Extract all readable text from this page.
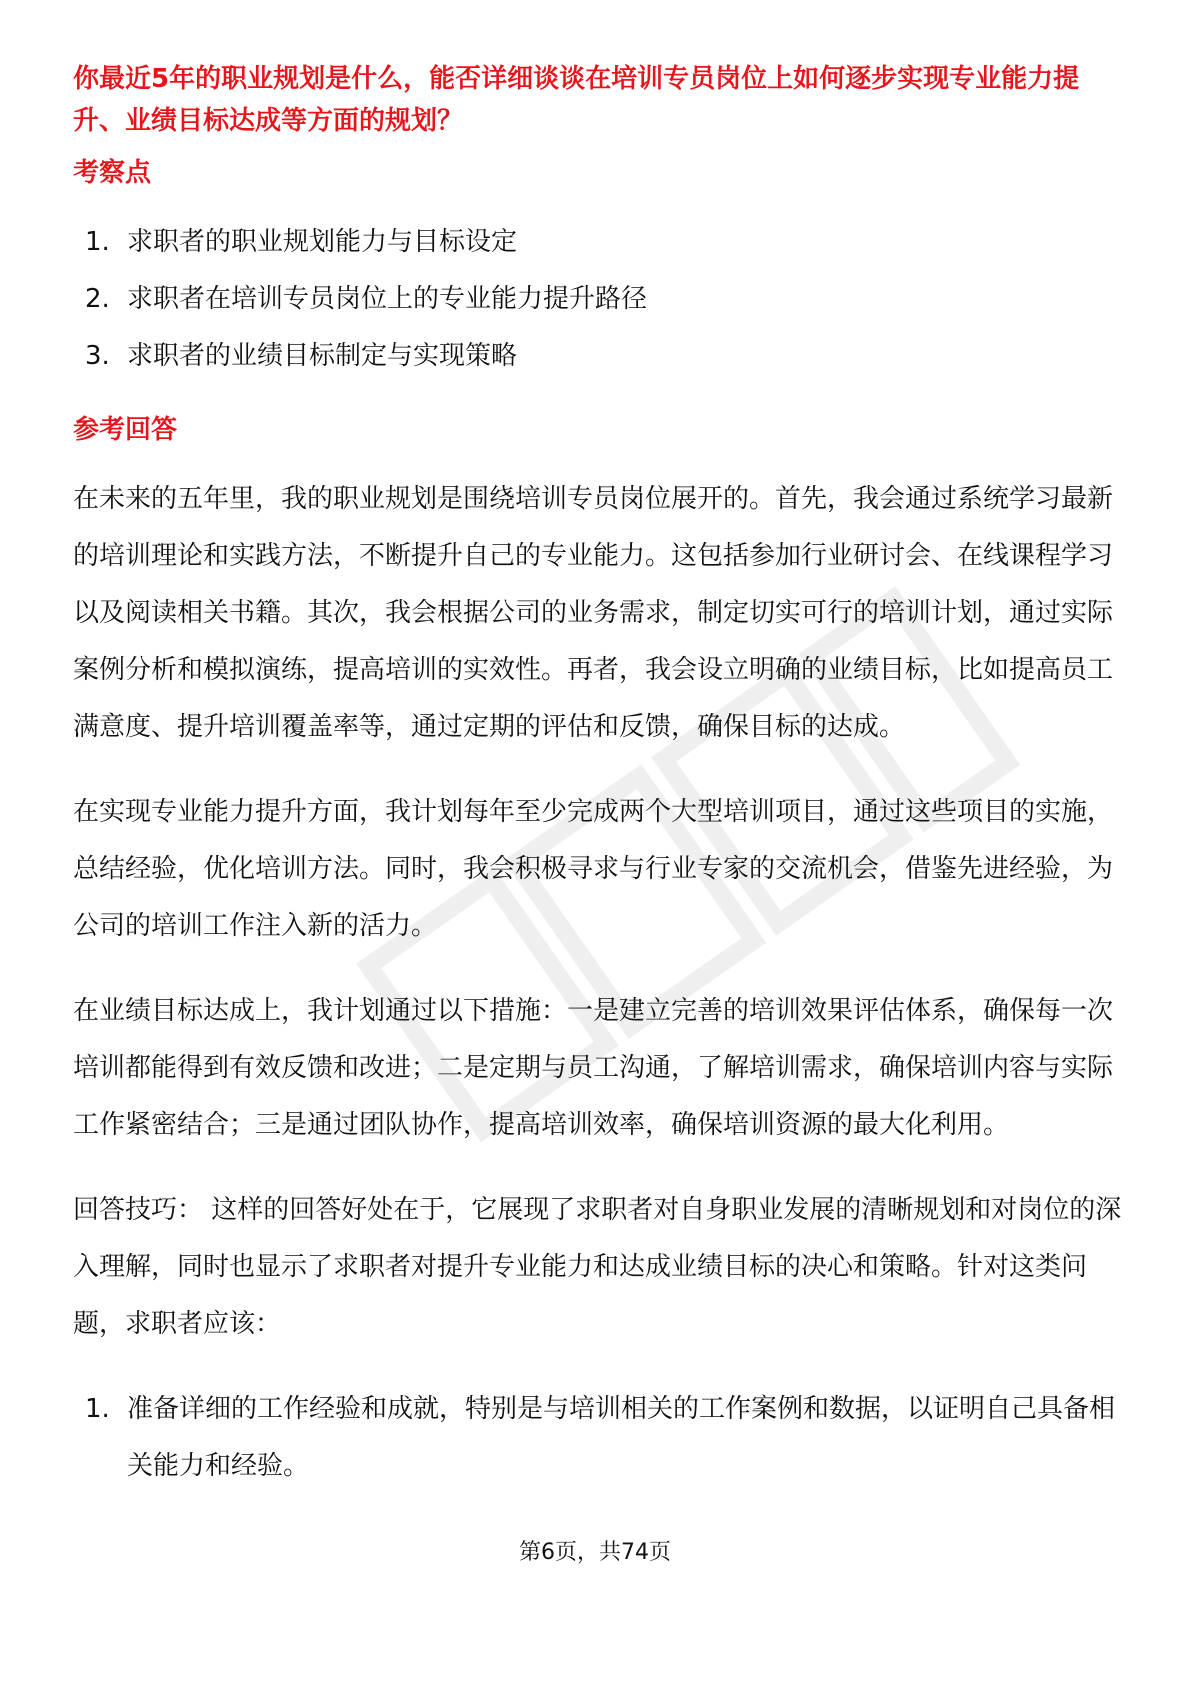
你最近5年的职业规划是什么，能否详细谈谈在培训专员岗位上如何逐步实现专业能力提升、业绩目标达成等方面的规划？
考察点
1. 求职者的职业规划能力与目标设定
2. 求职者在培训专员岗位上的专业能力提升路径
3. 求职者的业绩目标制定与实现策略
参考回答

在未来的五年里，我的职业规划是围绕培训专员岗位展开的。首先，我会通过系统学习最新的培训理论和实践方法，不断提升自己的专业能力。这包括参加行业研讨会、在线课程学习以及阅读相关书籍。其次，我会根据公司的业务需求，制定切实可行的培训计划，通过实际案例分析和模拟演练，提高培训的实效性。再者，我会设立明确的业绩目标，比如提高员工满意度、提升培训覆盖率等，通过定期的评估和反馈，确保目标的达成。

在实现专业能力提升方面，我计划每年至少完成两个大型培训项目，通过这些项目的实施，总结经验，优化培训方法。同时，我会积极寻求与行业专家的交流机会，借鉴先进经验，为公司的培训工作注入新的活力。

在业绩目标达成上，我计划通过以下措施：一是建立完善的培训效果评估体系，确保每一次培训都能得到有效反馈和改进；二是定期与员工沟通，了解培训需求，确保培训内容与实际工作紧密结合；三是通过团队协作，提高培训效率，确保培训资源的最大化利用。

回答技巧： 这样的回答好处在于，它展现了求职者对自身职业发展的清晰规划和对岗位的深入理解，同时也显示了求职者对提升专业能力和达成业绩目标的决心和策略。针对这类问题，求职者应该：

1. 准备详细的工作经验和成就，特别是与培训相关的工作案例和数据，以证明自己具备相关能力和经验。
第6页，共74页
